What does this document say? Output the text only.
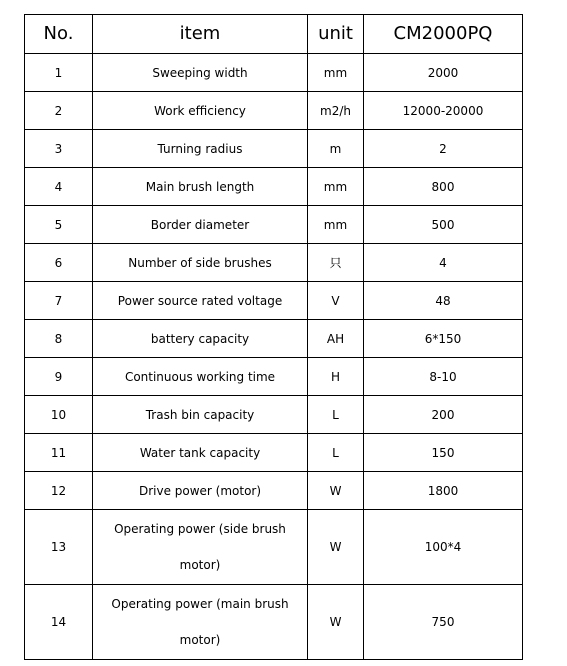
No.	item	unit	CM2000PQ
1	Sweeping width	mm	2000
2	Work efficiency	m2/h	12000-20000
3	Turning radius	m	2
4	Main brush length	mm	800
5	Border diameter	mm	500
6	Number of side brushes	只	4
7	Power source rated voltage	V	48
8	battery capacity	AH	6*150
9	Continuous working time	H	8-10
10	Trash bin capacity	L	200
11	Water tank capacity	L	150
12	Drive power (motor)	W	1800
13	Operating power (side brush motor)	W	100*4
14	Operating power (main brush motor)	W	750
